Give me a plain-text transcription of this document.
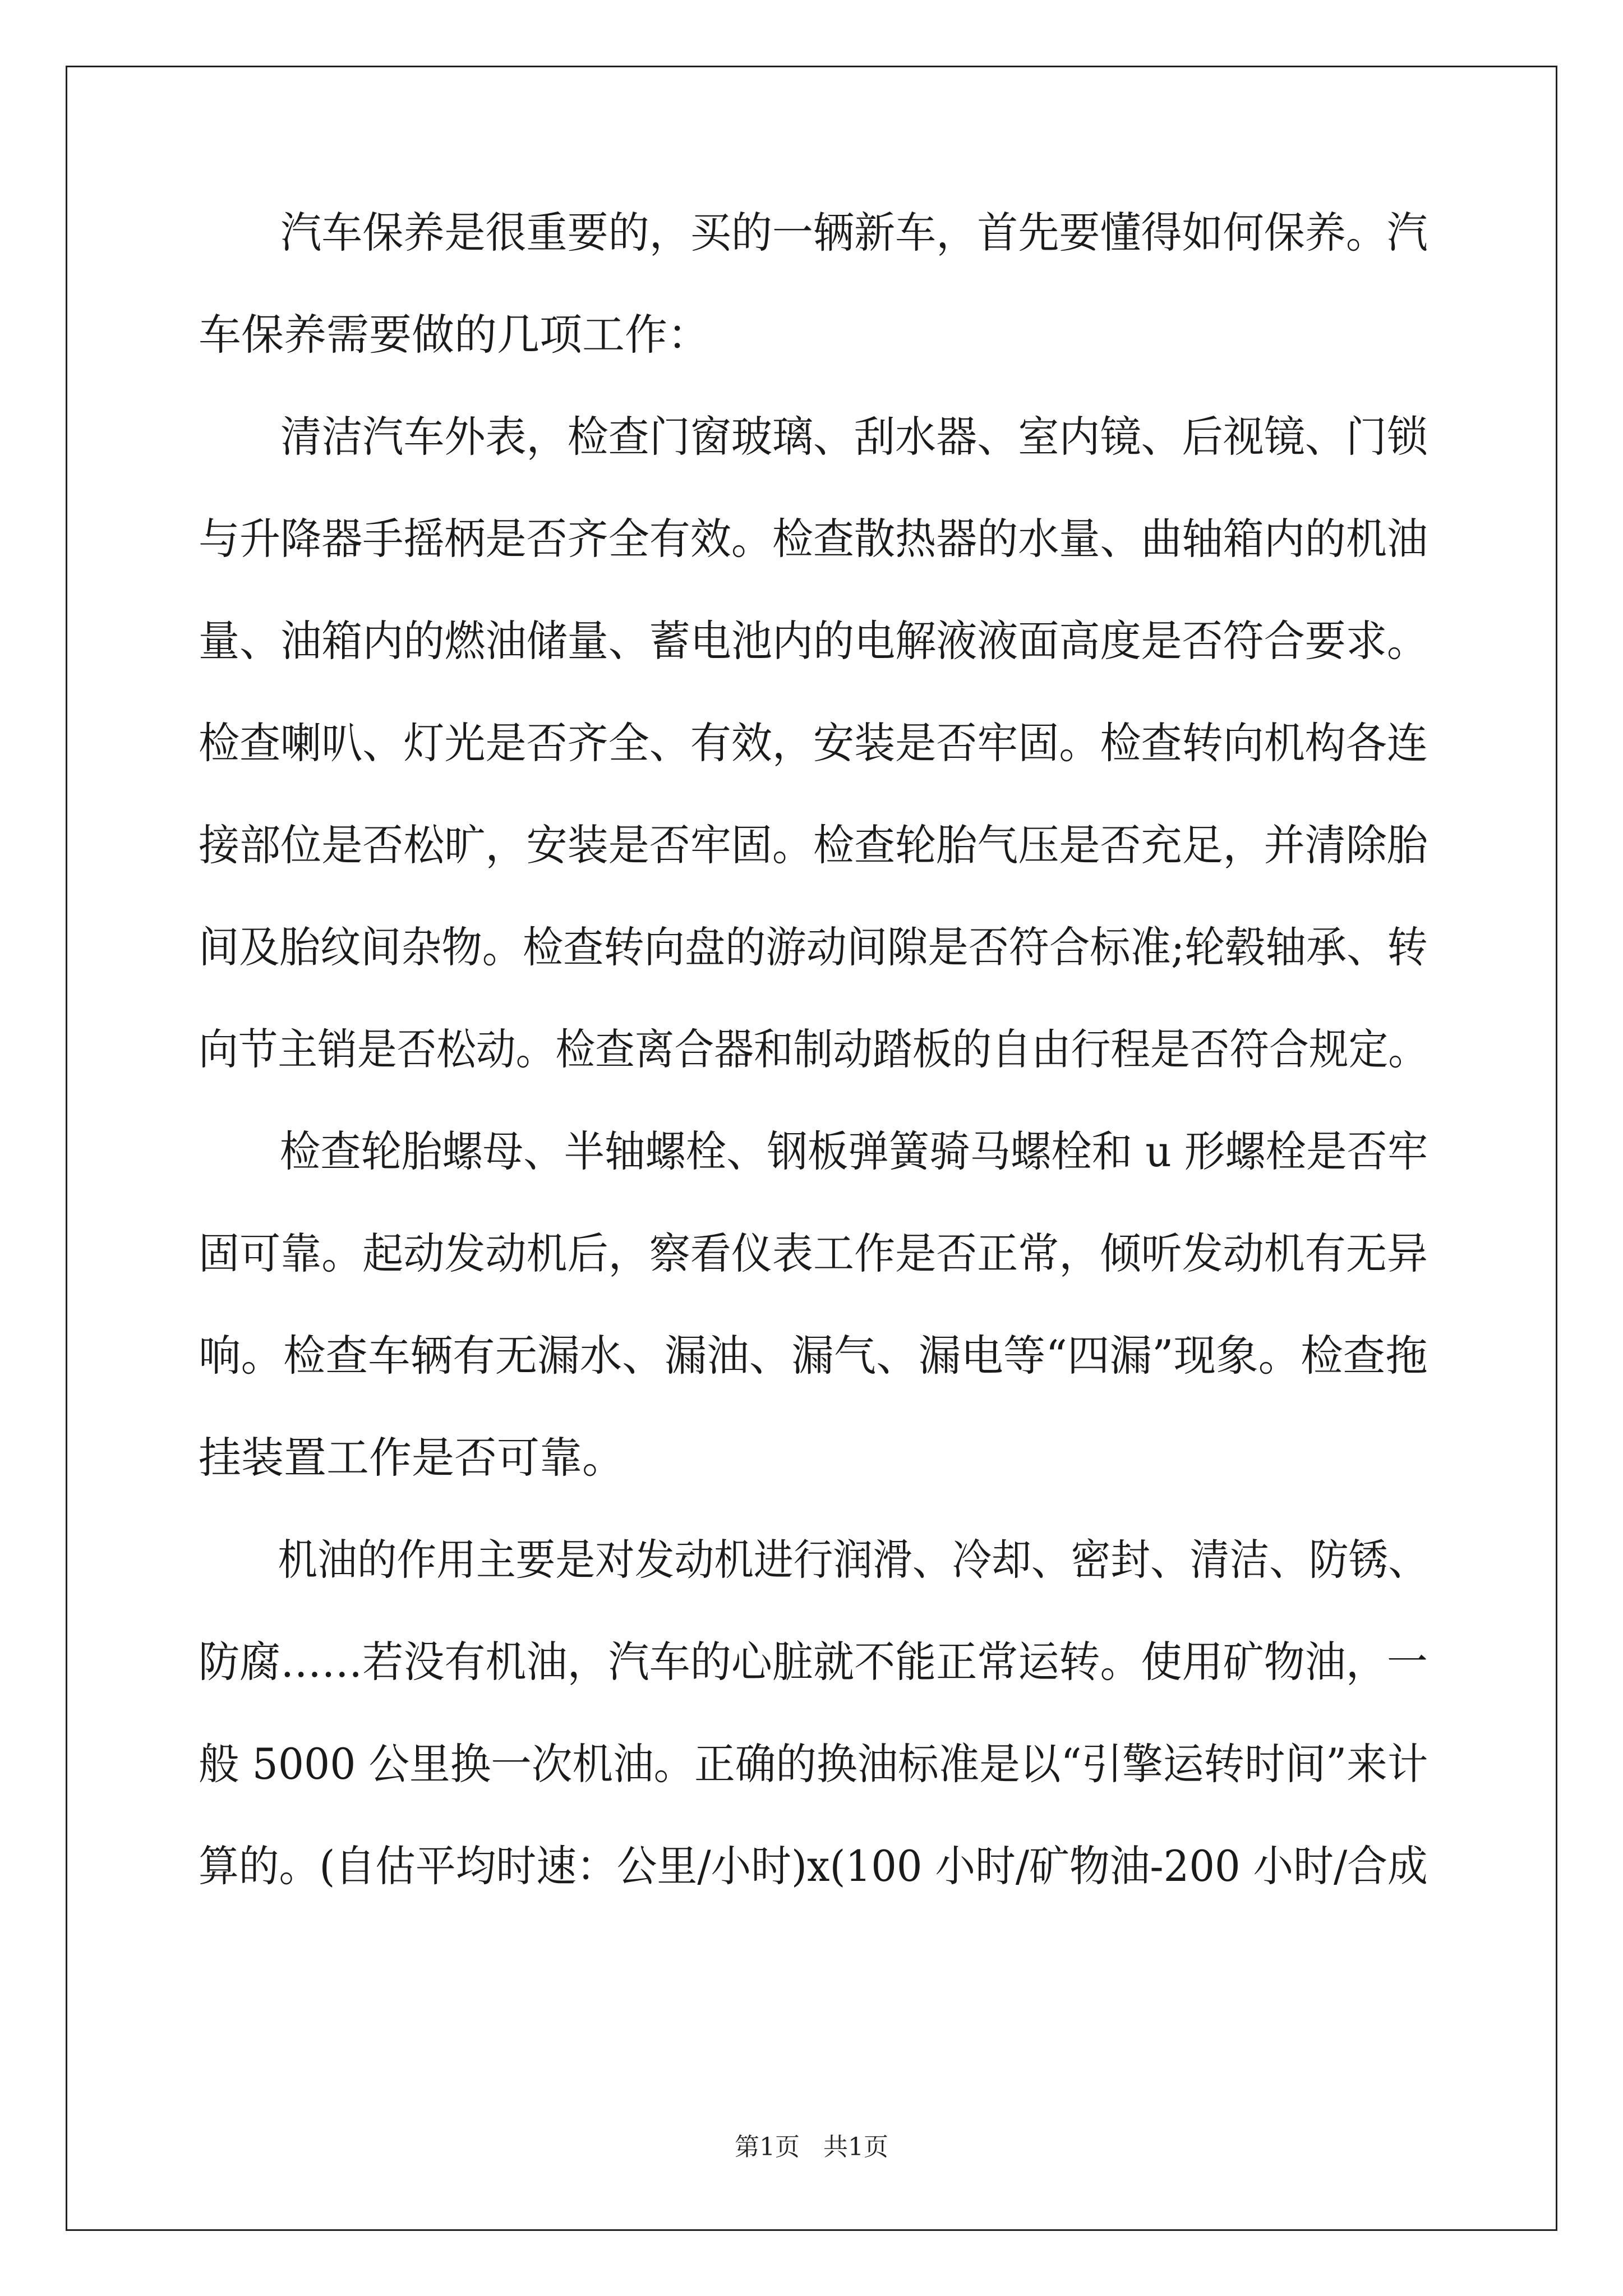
　　汽车保养是很重要的，买的一辆新车，首先要懂得如何保养。汽
车保养需要做的几项工作：
　　清洁汽车外表，检查门窗玻璃、刮水器、室内镜、后视镜、门锁
与升降器手摇柄是否齐全有效。检查散热器的水量、曲轴箱内的机油
量、油箱内的燃油储量、蓄电池内的电解液液面高度是否符合要求。
检查喇叭、灯光是否齐全、有效，安装是否牢固。检查转向机构各连
接部位是否松旷，安装是否牢固。检查轮胎气压是否充足，并清除胎
间及胎纹间杂物。检查转向盘的游动间隙是否符合标准;轮毂轴承、转
向节主销是否松动。检查离合器和制动踏板的自由行程是否符合规定。
　　检查轮胎螺母、半轴螺栓、钢板弹簧骑马螺栓和 u 形螺栓是否牢
固可靠。起动发动机后，察看仪表工作是否正常，倾听发动机有无异
响。检查车辆有无漏水、漏油、漏气、漏电等“四漏”现象。检查拖
挂装置工作是否可靠。
　　机油的作用主要是对发动机进行润滑、冷却、密封、清洁、防锈、
防腐……若没有机油，汽车的心脏就不能正常运转。使用矿物油，一
般 5000 公里换一次机油。正确的换油标准是以“引擎运转时间”来计
算的。(自估平均时速：公里/小时)x(100 小时/矿物油-200 小时/合成
第1页 共1页
